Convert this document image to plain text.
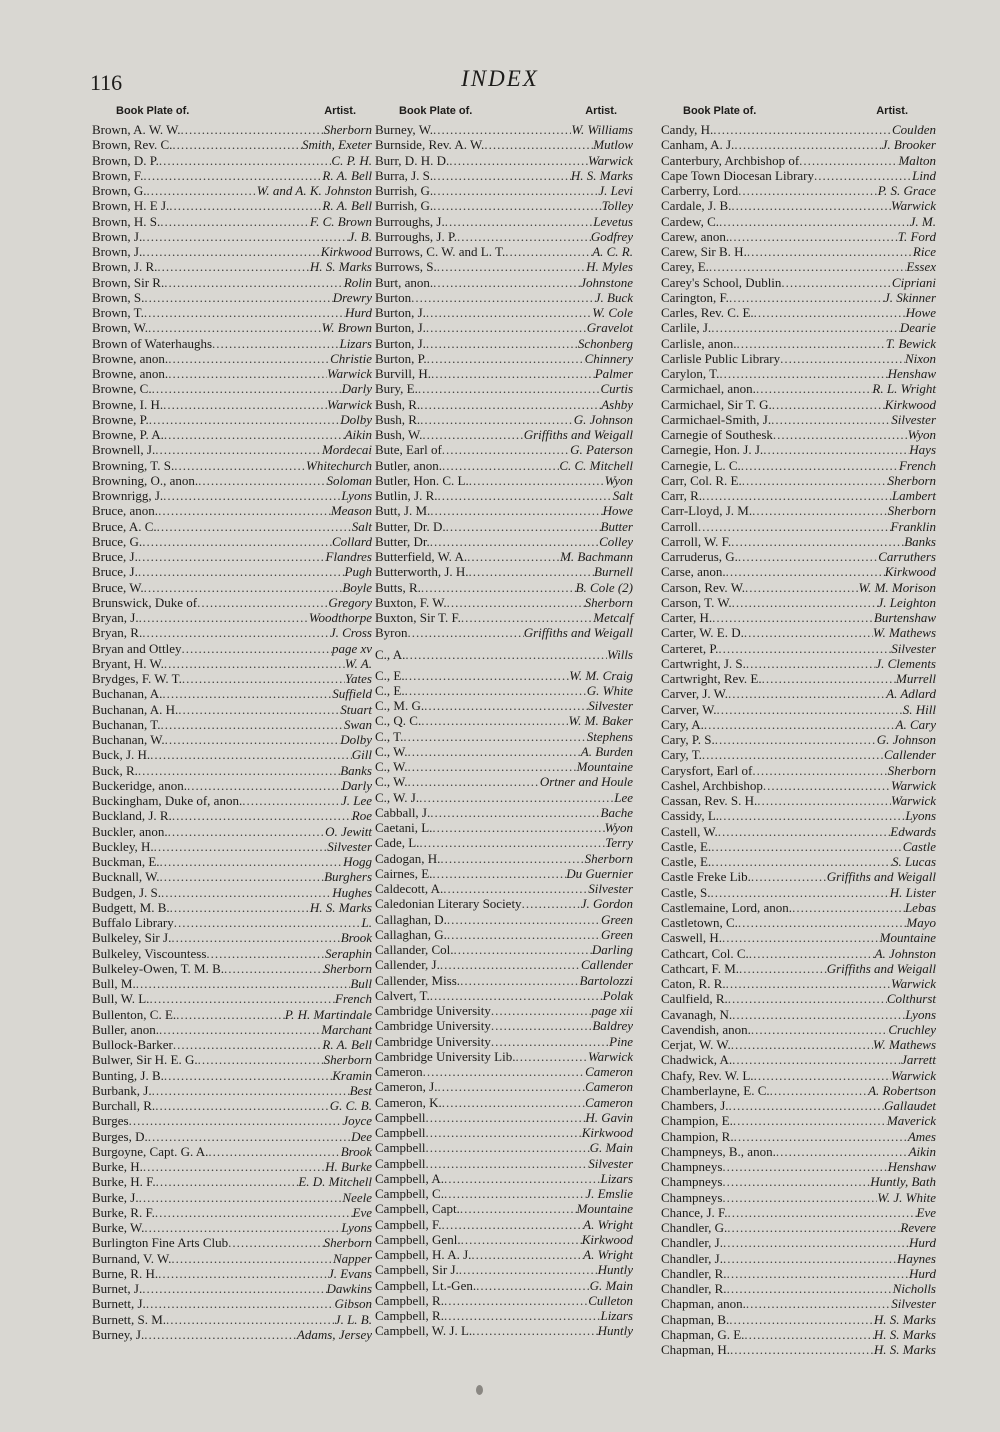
116	INDEX
Book Plate of.	Artist.
Brown, A. W. W. .....	Sherborn
Brown, Rev. C. .....	Smith, Exeter
Brown, D. P. .....	C. P. H.
Brown, F. .....	R. A. Bell
Brown, G. .....	W. and A. K. Johnston
Brown, H. E J. .....	R. A. Bell
Brown, H. S. .....	F. C. Brown
Brown, J. .....	J. B.
Brown, J. .....	Kirkwood
Brown, J. R. .....	H. S. Marks
Brown, Sir R. .....	Rolin
Brown, S. .....	Drewry
Brown, T. .....	Hurd
Brown, W. .....	W. Brown
Brown of Waterhaughs .....	Lizars
Browne, anon. .....	Christie
Browne, anon. .....	Warwick
Browne, C. .....	Darly
Browne, I. H. .....	Warwick
Browne, P. .....	Dolby
Browne, P. A. .....	Aikin
Brownell, J. .....	Mordecai
Browning, T. S. .....	Whitechurch
Browning, O., anon. .....	Soloman
Brownrigg, J. .....	Lyons
Bruce, anon. .....	Meason
Bruce, A. C. .....	Salt
Bruce, G. .....	Collard
Bruce, J. .....	Flandres
Bruce, J. .....	Pugh
Bruce, W. .....	Boyle
Brunswick, Duke of .....	Gregory
Bryan, J. .....	Woodthorpe
Bryan, R. .....	J. Cross
Bryan and Ottley .....	page xv
Bryant, H. W. .....	W. A.
Brydges, F. W. T. .....	Yates
Buchanan, A. .....	Suffield
Buchanan, A. H. .....	Stuart
Buchanan, T. .....	Swan
Buchanan, W. .....	Dolby
Buck, J. H. .....	Gill
Buck, R. .....	Banks
Buckeridge, anon. .....	Darly
Buckingham, Duke of, anon. .....	J. Lee
Buckland, J. R. .....	Roe
Buckler, anon. .....	O. Jewitt
Buckley, H. .....	Silvester
Buckman, E. .....	Hogg
Bucknall, W. .....	Burghers
Budgen, J. S. .....	Hughes
Budgett, M. B. .....	H. S. Marks
Buffalo Library .....	L.
Bulkeley, Sir J. .....	Brook
Bulkeley, Viscountess .....	Seraphin
Bulkeley-Owen, T. M. B. .....	Sherborn
Bull, M. .....	Bull
Bull, W. L. .....	French
Bullenton, C. E. .....	P. H. Martindale
Buller, anon. .....	Marchant
Bullock-Barker .....	R. A. Bell
Bulwer, Sir H. E. G. .....	Sherborn
Bunting, J. B. .....	Kramin
Burbank, J. .....	Best
Burchall, R. .....	G. C. B.
Burges .....	Joyce
Burges, D. .....	Dee
Burgoyne, Capt. G. A. .....	Brook
Burke, H. .....	H. Burke
Burke, H. F. .....	E. D. Mitchell
Burke, J. .....	Neele
Burke, R. F. .....	Eve
Burke, W. .....	Lyons
Burlington Fine Arts Club .....	Sherborn
Burnand, V. W. .....	Napper
Burne, R. H. .....	J. Evans
Burnet, J. .....	Dawkins
Burnett, J. .....	Gibson
Burnett, S. M. .....	J. L. B.
Burney, J. .....	Adams, Jersey
Book Plate of.	Artist.
Burney, W. .....	W. Williams
Burnside, Rev. A. W. .....	Mutlow
Burr, D. H. D. .....	Warwick
Burra, J. S. .....	H. S. Marks
Burrish, G. .....	J. Levi
Burrish, G. .....	Tolley
Burroughs, J. .....	Levetus
Burroughs, J. P. .....	Godfrey
Burrows, C. W. and L. T. .....	A. C. R.
Burrows, S. .....	H. Myles
Burt, anon. .....	Johnstone
Burton .....	J. Buck
Burton, J. .....	W. Cole
Burton, J. .....	Gravelot
Burton, J. .....	Schonberg
Burton, P. .....	Chinnery
Burvill, H. .....	Palmer
Bury, E. .....	Curtis
Bush, R. .....	Ashby
Bush, R. .....	G. Johnson
Bush, W. .....	Griffiths and Weigall
Bute, Earl of .....	G. Paterson
Butler, anon. .....	C. C. Mitchell
Butler, Hon. C. L. .....	Wyon
Butlin, J. R. .....	Salt
Butt, J. M. .....	Howe
Butter, Dr. D. .....	Butter
Butter, Dr. .....	Colley
Butterfield, W. A. .....	M. Bachmann
Butterworth, J. H. .....	Burnell
Butts, R. .....	B. Cole (2)
Buxton, F. W. .....	Sherborn
Buxton, Sir T. F. .....	Metcalf
Byron .....	Griffiths and Weigall
C., A. .....	Wills
C., E. .....	W. M. Craig
C., E. .....	G. White
C., M. G. .....	Silvester
C., Q. C. .....	W. M. Baker
C., T. .....	Stephens
C., W. .....	A. Burden
C., W. .....	Mountaine
C., W. .....	Ortner and Houle
C., W. J. .....	Lee
Cabball, J. .....	Bache
Caetani, L. .....	Wyon
Cade, L. .....	Terry
Cadogan, H. .....	Sherborn
Cairnes, E. .....	Du Guernier
Caldecott, A. .....	Silvester
Caledonian Literary Society .....	J. Gordon
Callaghan, D. .....	Green
Callaghan, G. .....	Green
Callander, Col. .....	Darling
Callender, J. .....	Callender
Callender, Miss. .....	Bartolozzi
Calvert, T. .....	Polak
Cambridge University .....	page xii
Cambridge University .....	Baldrey
Cambridge University .....	Pine
Cambridge University Lib. .....	Warwick
Cameron .....	Cameron
Cameron, J. .....	Cameron
Cameron, K. .....	Cameron
Campbell .....	H. Gavin
Campbell .....	Kirkwood
Campbell .....	G. Main
Campbell .....	Silvester
Campbell, A. .....	Lizars
Campbell, C. .....	J. Emslie
Campbell, Capt. .....	Mountaine
Campbell, F. .....	A. Wright
Campbell, Genl. .....	Kirkwood
Campbell, H. A. J. .....	A. Wright
Campbell, Sir J. .....	Huntly
Campbell, Lt.-Gen. .....	G. Main
Campbell, R. .....	Culleton
Campbell, R. .....	Lizars
Campbell, W. J. L. .....	Huntly
Book Plate of.	Artist.
Candy, H. .....	Coulden
Canham, A. J. .....	J. Brooker
Canterbury, Archbishop of .....	Malton
Cape Town Diocesan Library .....	Lind
Carberry, Lord .....	P. S. Grace
Cardale, J. B. .....	Warwick
Cardew, C. .....	J. M.
Carew, anon. .....	T. Ford
Carew, Sir B. H. .....	Rice
Carey, E. .....	Essex
Carey's School, Dublin .....	Cipriani
Carington, F. .....	J. Skinner
Carles, Rev. C. E. .....	Howe
Carlile, J. .....	Dearie
Carlisle, anon. .....	T. Bewick
Carlisle Public Library .....	Nixon
Carylon, T. .....	Henshaw
Carmichael, anon. .....	R. L. Wright
Carmichael, Sir T. G. .....	Kirkwood
Carmichael-Smith, J. .....	Silvester
Carnegie of Southesk .....	Wyon
Carnegie, Hon. J. J. .....	Hays
Carnegie, L. C. .....	French
Carr, Col. R. E. .....	Sherborn
Carr, R. .....	Lambert
Carr-Lloyd, J. M. .....	Sherborn
Carroll .....	Franklin
Carroll, W. F. .....	Banks
Carruderus, G. .....	Carruthers
Carse, anon. .....	Kirkwood
Carson, Rev. W. .....	W. M. Morison
Carson, T. W. .....	J. Leighton
Carter, H. .....	Burtenshaw
Carter, W. E. D. .....	W. Mathews
Carteret, P. .....	Silvester
Cartwright, J. S. .....	J. Clements
Cartwright, Rev. E. .....	Murrell
Carver, J. W. .....	A. Adlard
Carver, W. .....	S. Hill
Cary, A. .....	A. Cary
Cary, P. S. .....	G. Johnson
Cary, T. .....	Callender
Carysfort, Earl of .....	Sherborn
Cashel, Archbishop .....	Warwick
Cassan, Rev. S. H. .....	Warwick
Cassidy, L. .....	Lyons
Castell, W. .....	Edwards
Castle, E. .....	Castle
Castle, E. .....	S. Lucas
Castle Freke Lib. .....	Griffiths and Weigall
Castle, S. .....	H. Lister
Castlemaine, Lord, anon. .....	Lebas
Castletown, C. .....	Mayo
Caswell, H. .....	Mountaine
Cathcart, Col. C. .....	A. Johnston
Cathcart, F. M. .....	Griffiths and Weigall
Caton, R. R. .....	Warwick
Caulfield, R. .....	Colthurst
Cavanagh, N. .....	Lyons
Cavendish, anon. .....	Cruchley
Cerjat, W. W. .....	W. Mathews
Chadwick, A. .....	Jarrett
Chafy, Rev. W. L. .....	Warwick
Chamberlayne, E. C. .....	A. Robertson
Chambers, J. .....	Gallaudet
Champion, E. .....	Maverick
Champion, R. .....	Ames
Champneys, B., anon. .....	Aikin
Champneys .....	Henshaw
Champneys .....	Huntly, Bath
Champneys .....	W. J. White
Chance, J. F. .....	Eve
Chandler, G. .....	Revere
Chandler, J. .....	Hurd
Chandler, J. .....	Haynes
Chandler, R. .....	Hurd
Chandler, R. .....	Nicholls
Chapman, anon. .....	Silvester
Chapman, B. .....	H. S. Marks
Chapman, G. E. .....	H. S. Marks
Chapman, H. .....	H. S. Marks
